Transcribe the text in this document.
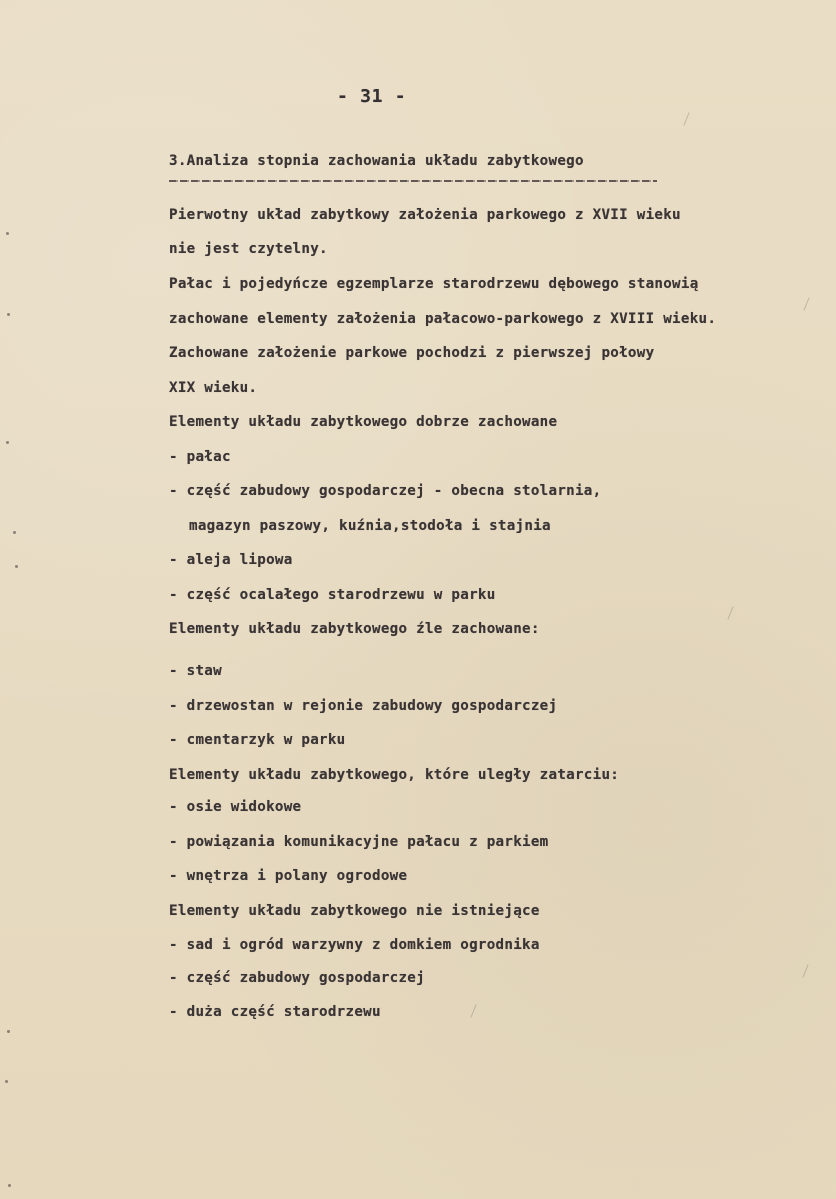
- 31 -
3.Analiza stopnia zachowania układu zabytkowego
Pierwotny układ zabytkowy założenia parkowego z XVII wieku
nie jest czytelny.
Pałac i pojedyńcze egzemplarze starodrzewu dębowego stanowią
zachowane elementy założenia pałacowo-parkowego z XVIII wieku.
Zachowane założenie parkowe pochodzi z pierwszej połowy
XIX wieku.
Elementy układu zabytkowego dobrze zachowane
- pałac
- część zabudowy gospodarczej - obecna stolarnia,
magazyn paszowy, kuźnia,stodoła i stajnia
- aleja lipowa
- część ocalałego starodrzewu w parku
Elementy układu zabytkowego źle zachowane:
- staw
- drzewostan w rejonie zabudowy gospodarczej
- cmentarzyk w parku
Elementy układu zabytkowego, które uległy zatarciu:
- osie widokowe
- powiązania komunikacyjne pałacu z parkiem
- wnętrza i polany ogrodowe
Elementy układu zabytkowego nie istniejące
- sad i ogród warzywny z domkiem ogrodnika
- część zabudowy gospodarczej
- duża część starodrzewu
